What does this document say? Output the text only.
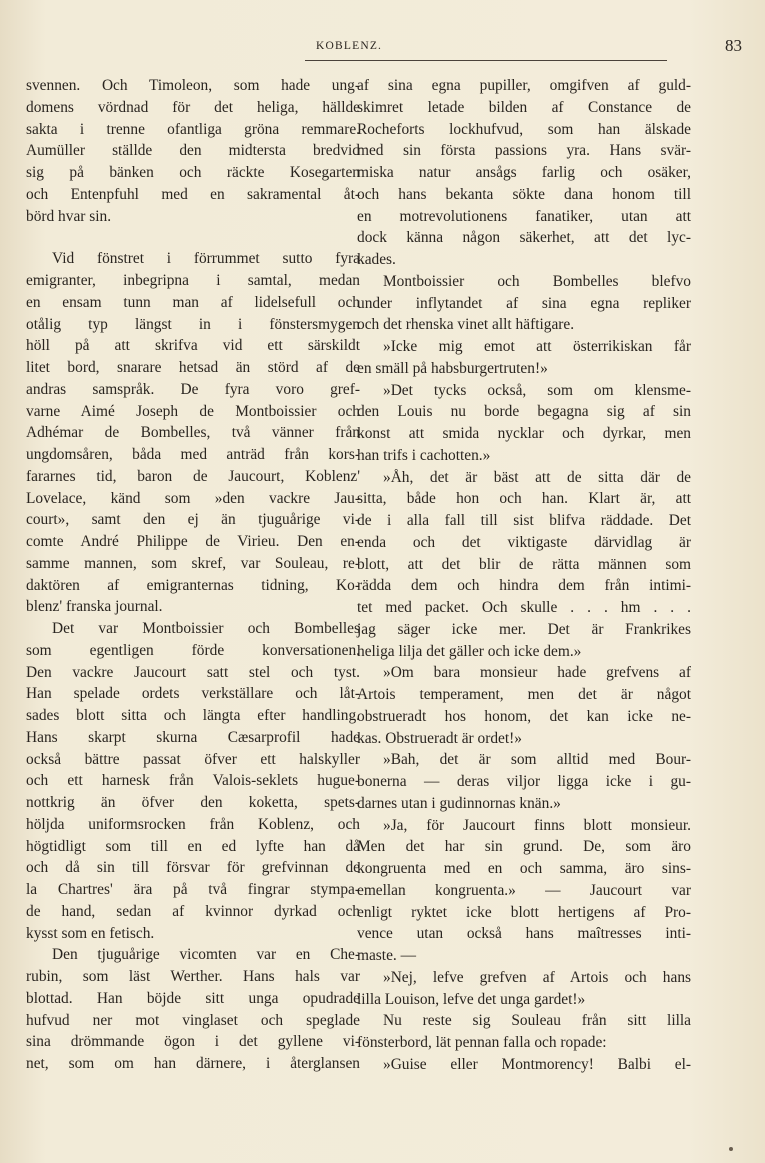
KOBLENZ.	83
svennen. Och Timoleon, som hade ung-
domens vördnad för det heliga, hällde
sakta i trenne ofantliga gröna remmare.
Aumüller ställde den midtersta bredvid
sig på bänken och räckte Kosegarten
och Entenpfuhl med en sakramental åt-
börd hvar sin.
Vid fönstret i förrummet sutto fyra
emigranter, inbegripna i samtal, medan
en ensam tunn man af lidelsefull och
otålig typ längst in i fönstersmygen
höll på att skrifva vid ett särskildt
litet bord, snarare hetsad än störd af de
andras samspråk. De fyra voro gref-
varne Aimé Joseph de Montboissier och
Adhémar de Bombelles, två vänner från
ungdomsåren, båda med anträd från kors-
fararnes tid, baron de Jaucourt, Koblenz'
Lovelace, känd som »den vackre Jau-
court», samt den ej än tjuguårige vi-
comte André Philippe de Virieu. Den en-
samme mannen, som skref, var Souleau, re-
daktören af emigranternas tidning, Ko-
blenz' franska journal.
Det var Montboissier och Bombelles
som egentligen förde konversationen.
Den vackre Jaucourt satt stel och tyst.
Han spelade ordets verkställare och låt-
sades blott sitta och längta efter handling.
Hans skarpt skurna Cæsarprofil hade
också bättre passat öfver ett halskyller
och ett harnesk från Valois-seklets hugue-
nottkrig än öfver den koketta, spets-
höljda uniformsrocken från Koblenz, och
högtidligt som till en ed lyfte han då
och då sin till försvar för grefvinnan de
la Chartres' ära på två fingrar stympa-
de hand, sedan af kvinnor dyrkad och
kysst som en fetisch.
Den tjuguårige vicomten var en Che-
rubin, som läst Werther. Hans hals var
blottad. Han böjde sitt unga opudrade
hufvud ner mot vinglaset och speglade
sina drömmande ögon i det gyllene vi-
net, som om han därnere, i återglansen
af sina egna pupiller, omgifven af guld-
skimret letade bilden af Constance de
Rocheforts lockhufvud, som han älskade
med sin första passions yra. Hans svär-
miska natur ansågs farlig och osäker,
och hans bekanta sökte dana honom till
en motrevolutionens fanatiker, utan att
dock känna någon säkerhet, att det lyc-
kades.
Montboissier och Bombelles blefvo
under inflytandet af sina egna repliker
och det rhenska vinet allt häftigare.
»Icke mig emot att österrikiskan får
en smäll på habsburgertruten!»
»Det tycks också, som om klensme-
den Louis nu borde begagna sig af sin
konst att smida nycklar och dyrkar, men
han trifs i cachotten.»
»Åh, det är bäst att de sitta där de
sitta, både hon och han. Klart är, att
de i alla fall till sist blifva räddade. Det
enda och det viktigaste därvidlag är
blott, att det blir de rätta männen som
rädda dem och hindra dem från intimi-
tet med packet. Och skulle . . . hm . . .
jag säger icke mer. Det är Frankrikes
heliga lilja det gäller och icke dem.»
»Om bara monsieur hade grefvens af
Artois temperament, men det är något
obstrueradt hos honom, det kan icke ne-
kas. Obstrueradt är ordet!»
»Bah, det är som alltid med Bour-
bonerna — deras viljor ligga icke i gu-
darnes utan i gudinnornas knän.»
»Ja, för Jaucourt finns blott monsieur.
Men det har sin grund. De, som äro
kongruenta med en och samma, äro sins-
emellan kongruenta.» — Jaucourt var
enligt ryktet icke blott hertigens af Pro-
vence utan också hans maîtresses inti-
maste. —
»Nej, lefve grefven af Artois och hans
lilla Louison, lefve det unga gardet!»
Nu reste sig Souleau från sitt lilla
fönsterbord, lät pennan falla och ropade:
»Guise eller Montmorency! Balbi el-
